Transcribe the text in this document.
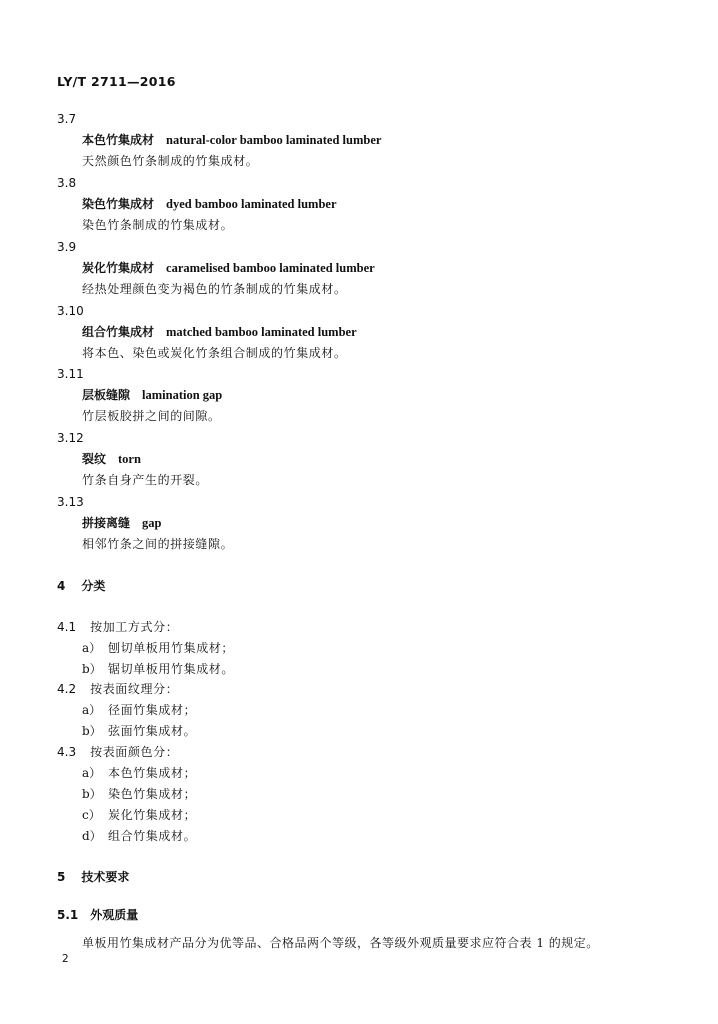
LY/T 2711—2016
3.7
本色竹集成材 natural-color bamboo laminated lumber
天然颜色竹条制成的竹集成材。
3.8
染色竹集成材 dyed bamboo laminated lumber
染色竹条制成的竹集成材。
3.9
炭化竹集成材 caramelised bamboo laminated lumber
经热处理颜色变为褐色的竹条制成的竹集成材。
3.10
组合竹集成材 matched bamboo laminated lumber
将本色、染色或炭化竹条组合制成的竹集成材。
3.11
层板缝隙 lamination gap
竹层板胶拼之间的间隙。
3.12
裂纹 torn
竹条自身产生的开裂。
3.13
拼接离缝 gap
相邻竹条之间的拼接缝隙。
4 分类
4.1 按加工方式分：
a） 刨切单板用竹集成材；
b） 锯切单板用竹集成材。
4.2 按表面纹理分：
a） 径面竹集成材；
b） 弦面竹集成材。
4.3 按表面颜色分：
a） 本色竹集成材；
b） 染色竹集成材；
c） 炭化竹集成材；
d） 组合竹集成材。
5 技术要求
5.1 外观质量
单板用竹集成材产品分为优等品、合格品两个等级，各等级外观质量要求应符合表 1 的规定。
2
